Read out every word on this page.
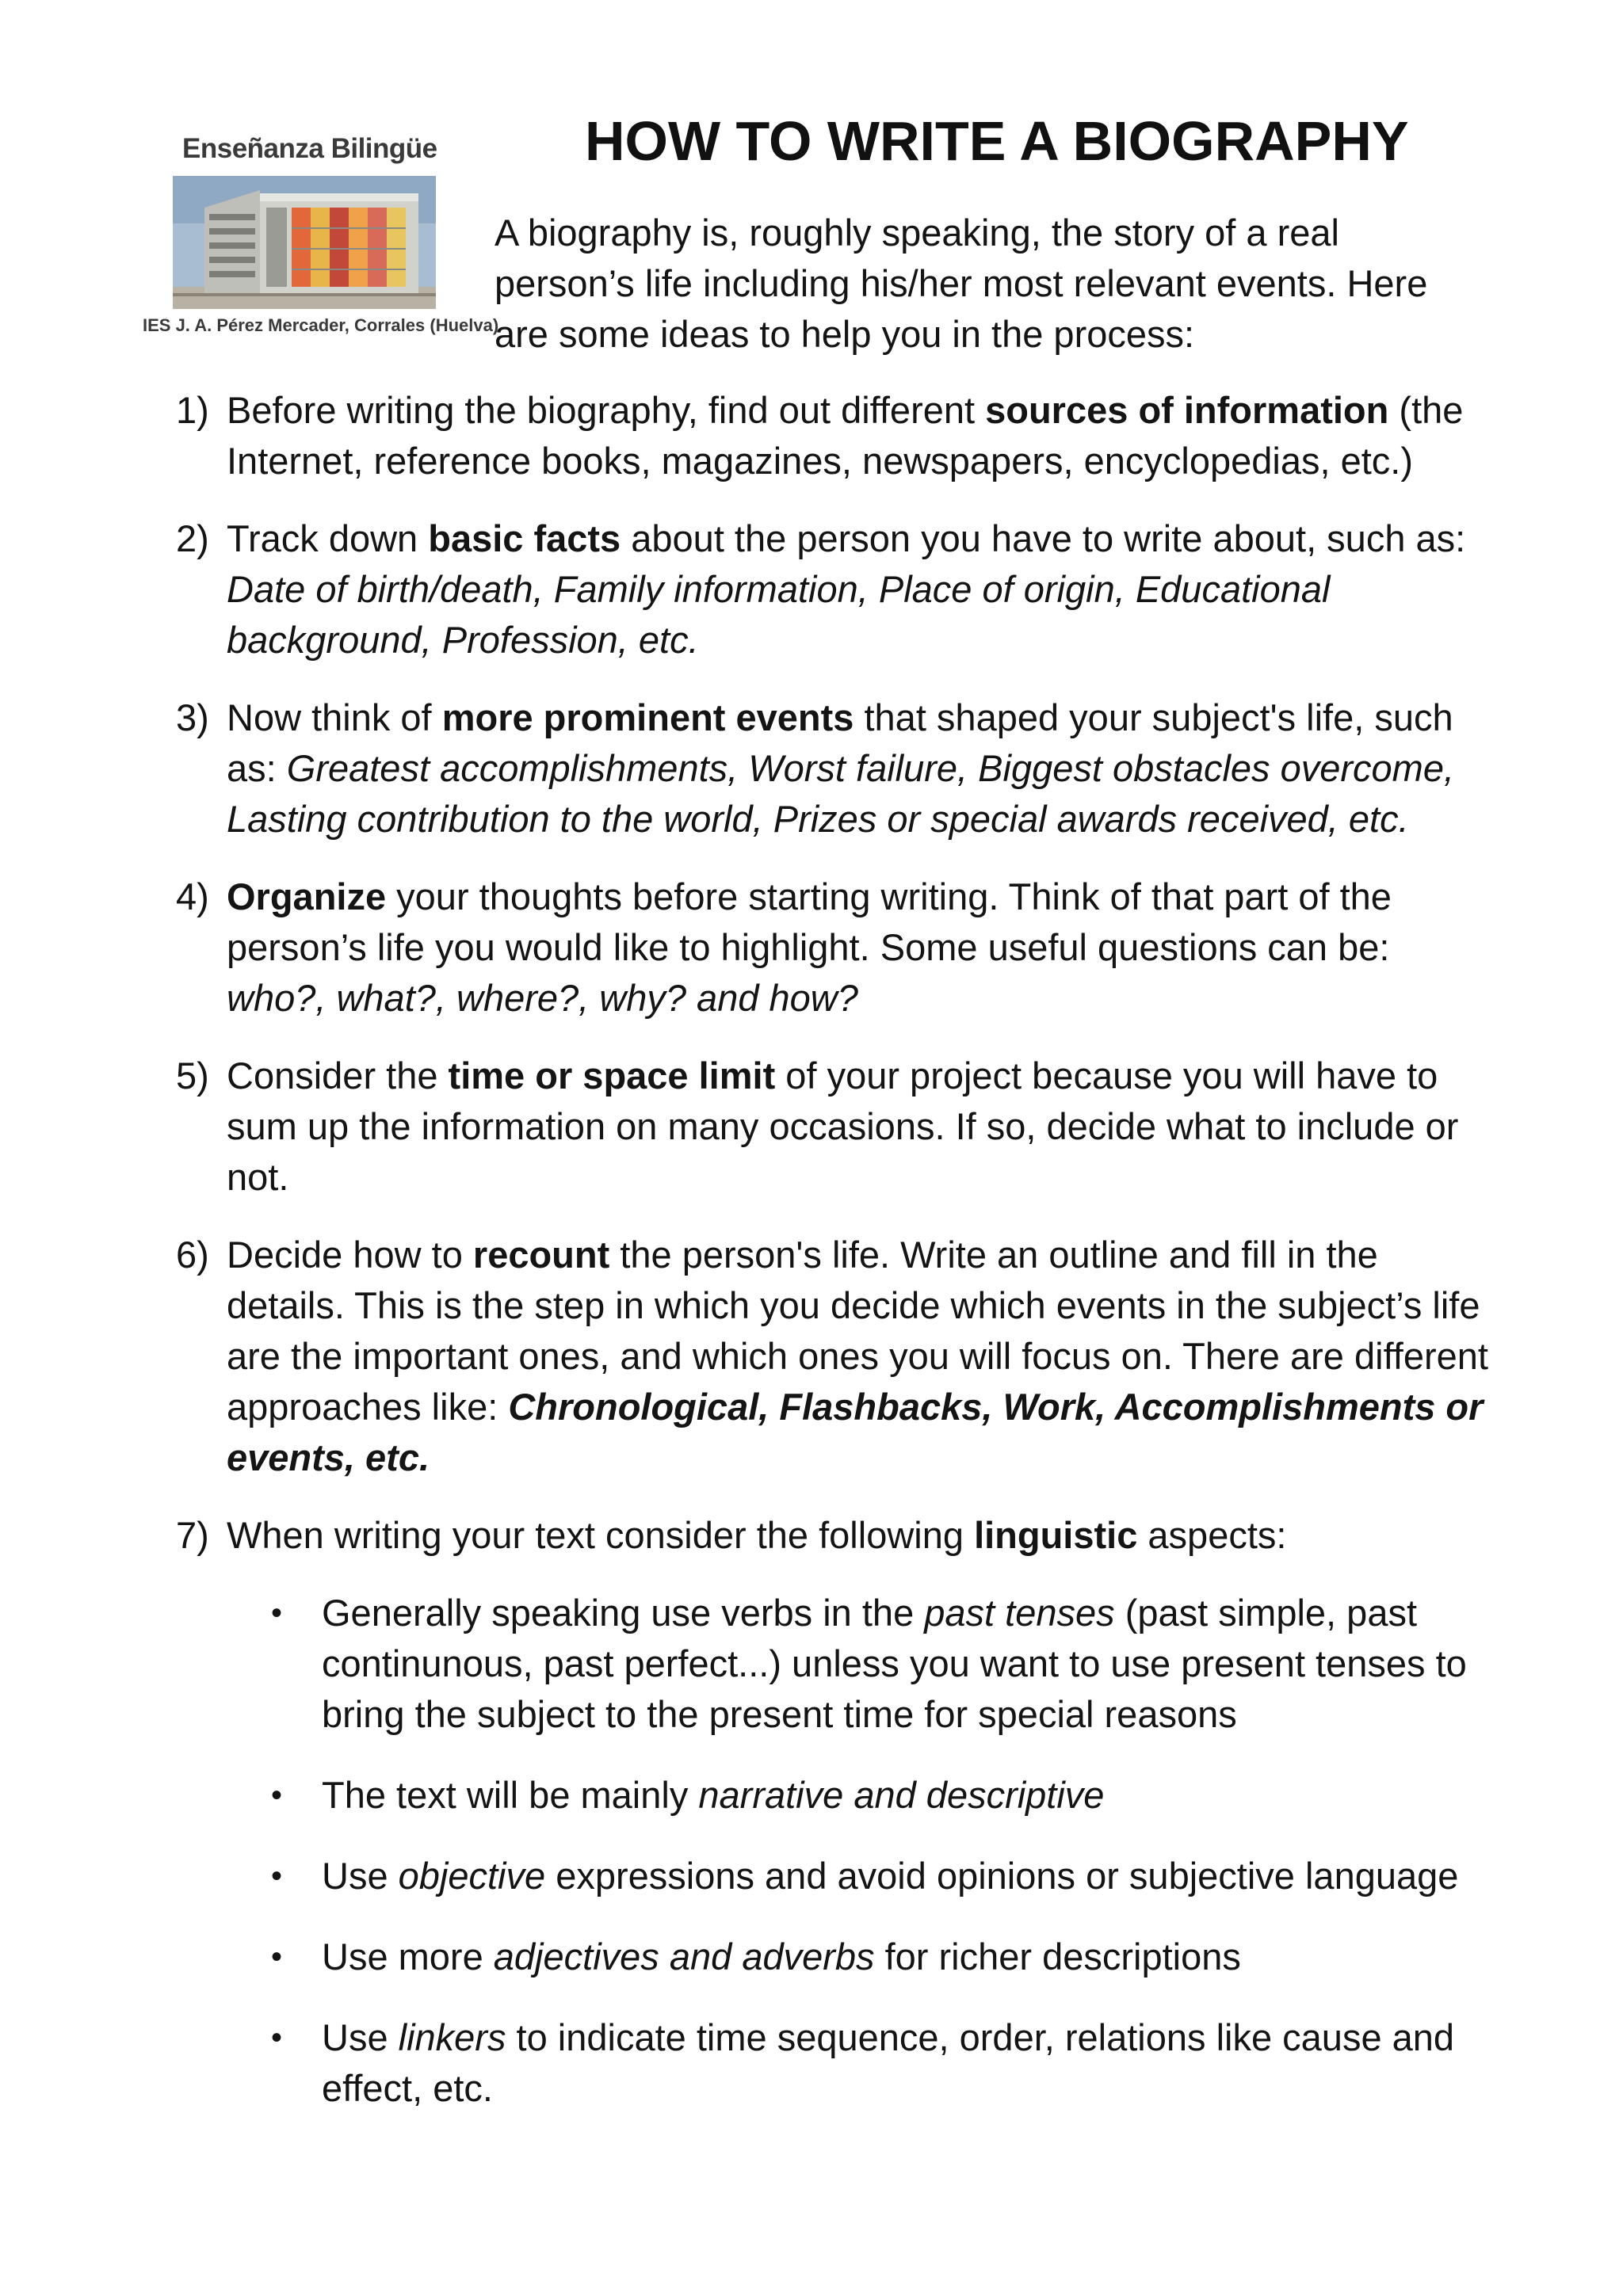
Enseñanza Bilingüe
IES J. A. Pérez Mercader, Corrales (Huelva)
HOW TO WRITE A BIOGRAPHY

A biography is, roughly speaking, the story of a real person’s life including his/her most relevant events. Here are some ideas to help you in the process:

1) Before writing the biography, find out different sources of information (the Internet, reference books, magazines, newspapers, encyclopedias, etc.)
2) Track down basic facts about the person you have to write about, such as: Date of birth/death, Family information, Place of origin, Educational background, Profession, etc.
3) Now think of more prominent events that shaped your subject's life, such as: Greatest accomplishments, Worst failure, Biggest obstacles overcome, Lasting contribution to the world, Prizes or special awards received, etc.
4) Organize your thoughts before starting writing. Think of that part of the person’s life you would like to highlight. Some useful questions can be: who?, what?, where?, why? and how?
5) Consider the time or space limit of your project because you will have to sum up the information on many occasions. If so, decide what to include or not.
6) Decide how to recount the person's life. Write an outline and fill in the details. This is the step in which you decide which events in the subject’s life are the important ones, and which ones you will focus on. There are different approaches like: Chronological, Flashbacks, Work, Accomplishments or events, etc.
7) When writing your text consider the following linguistic aspects:
• Generally speaking use verbs in the past tenses (past simple, past continunous, past perfect...) unless you want to use present tenses to bring the subject to the present time for special reasons
• The text will be mainly narrative and descriptive
• Use objective expressions and avoid opinions or subjective language
• Use more adjectives and adverbs for richer descriptions
• Use linkers to indicate time sequence, order, relations like cause and effect, etc.
